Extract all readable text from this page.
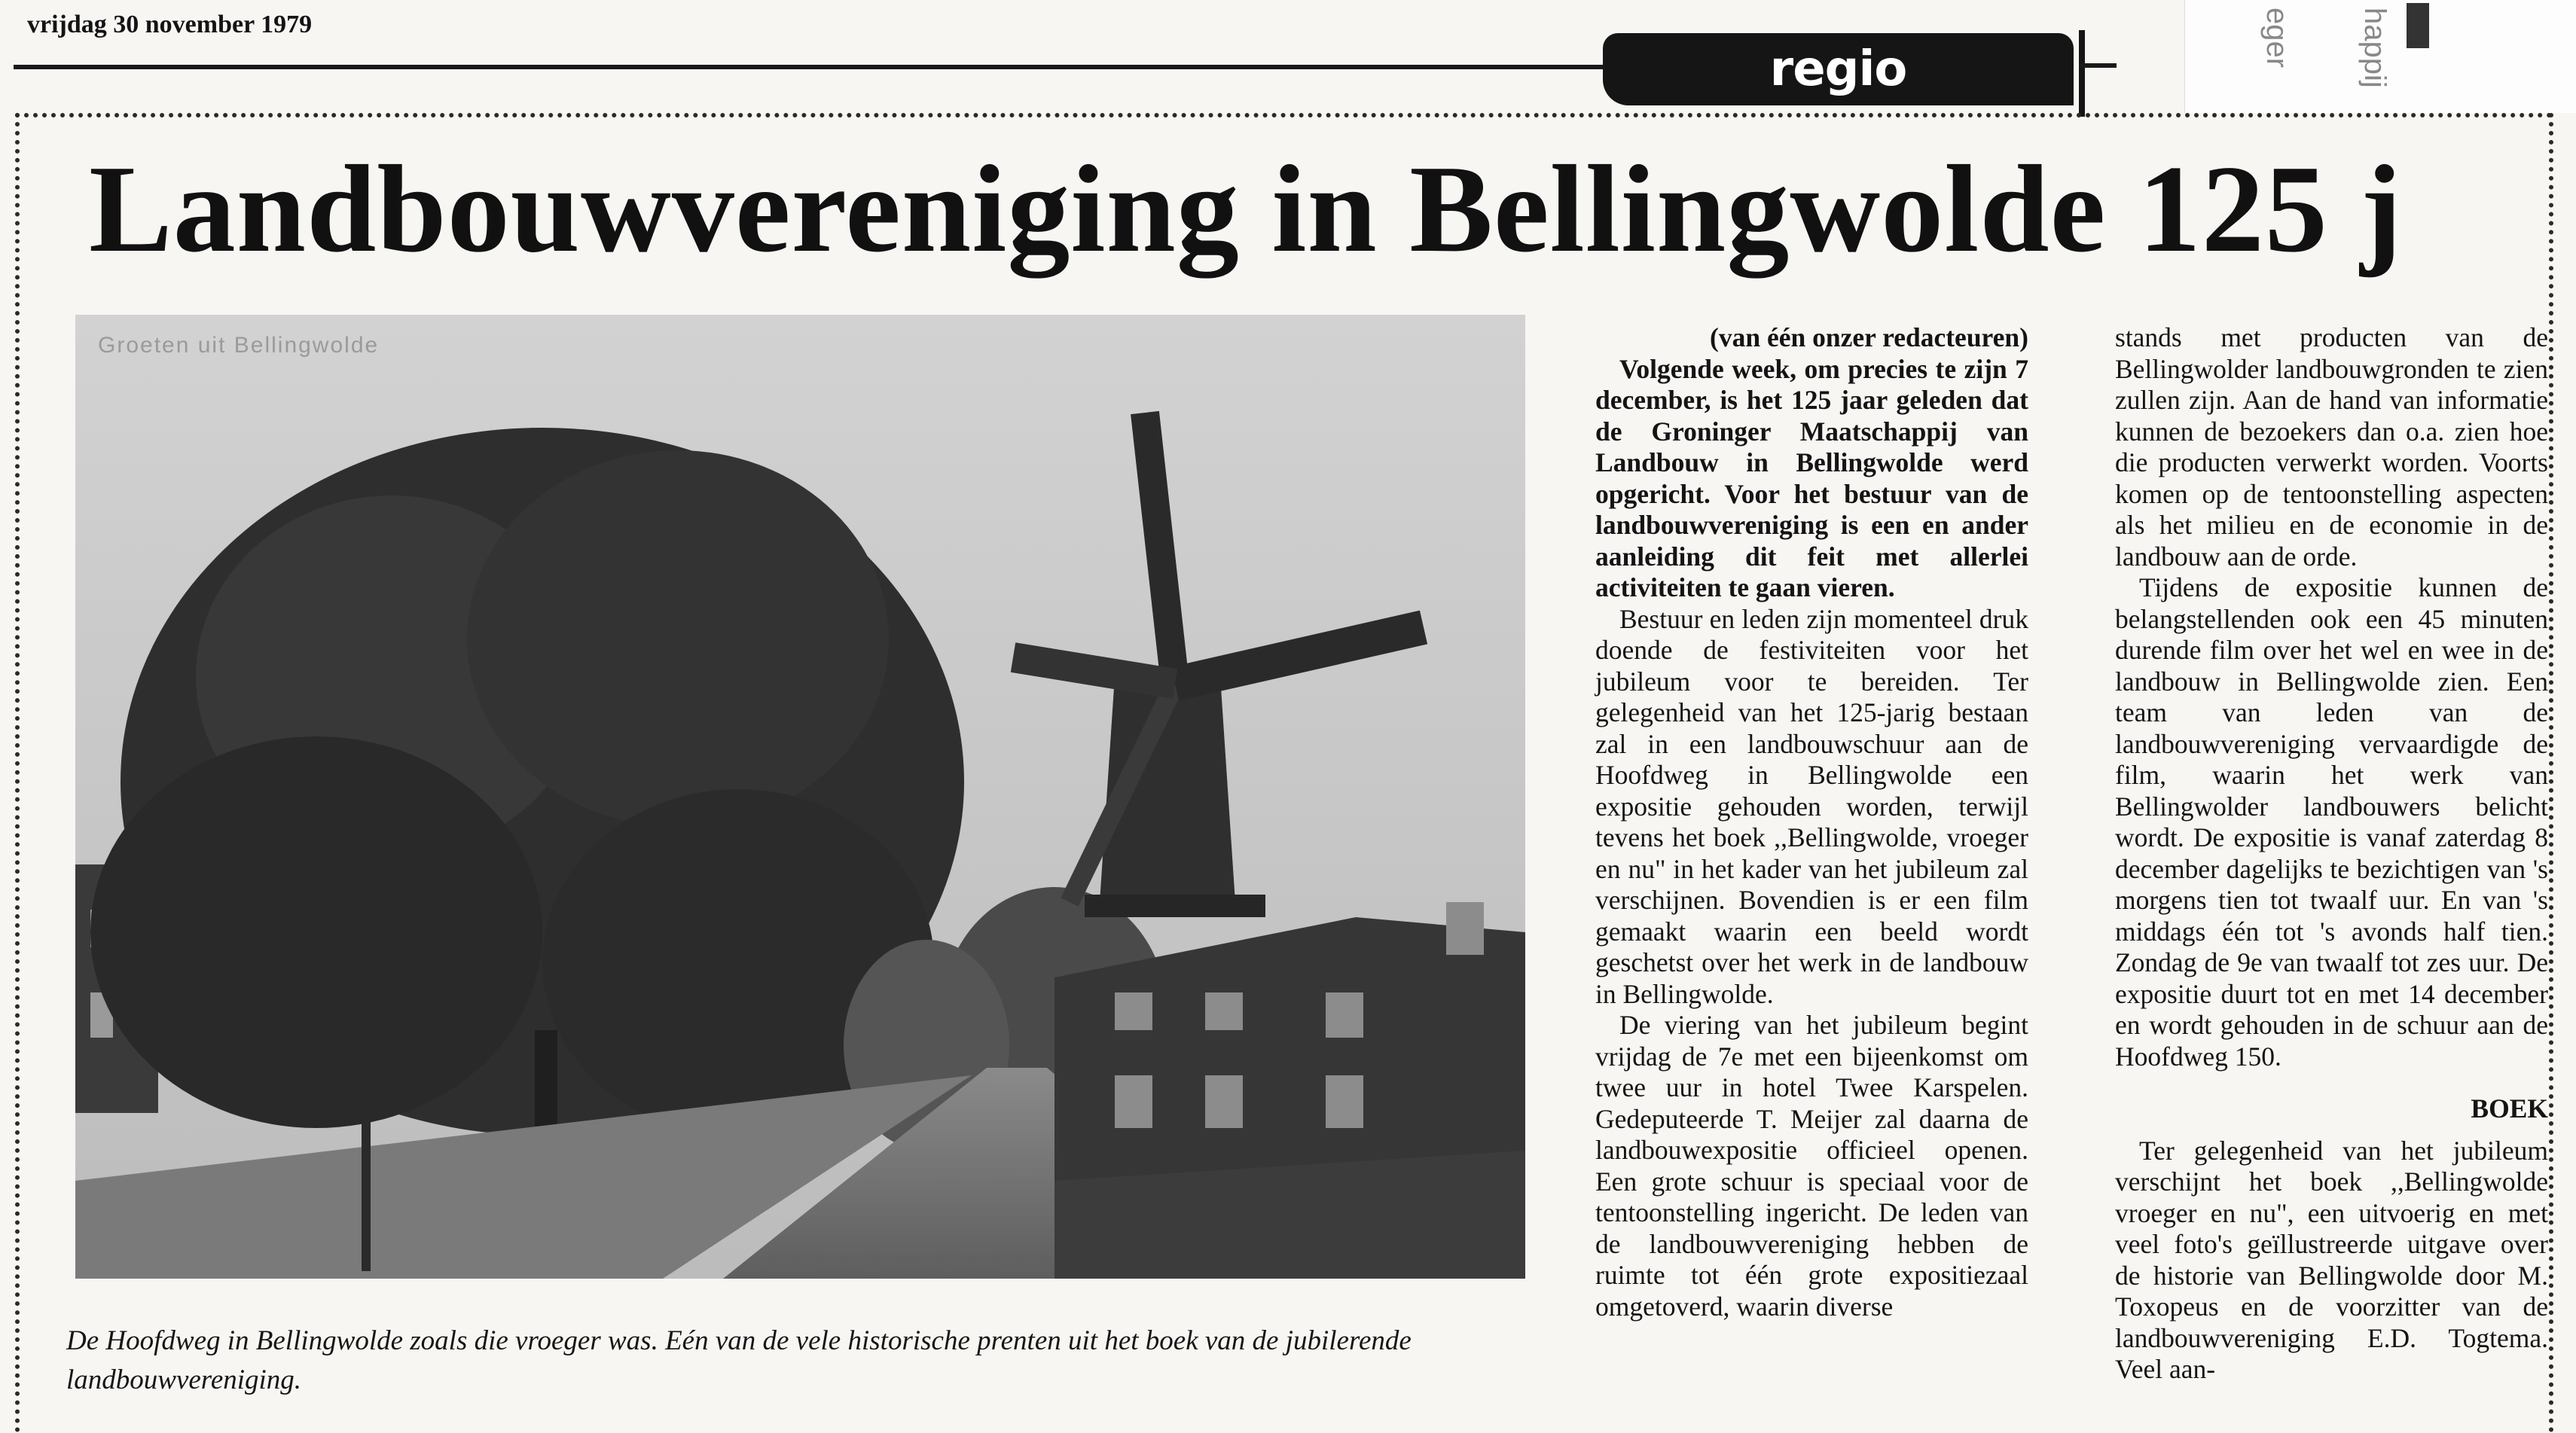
vrijdag 30 november 1979
regio
eger happij
Landbouwvereniging in Bellingwolde 125 j
Groeten uit Bellingwolde
De Hoofdweg in Bellingwolde zoals die vroeger was. Eén van de vele historische prenten uit het boek van de jubilerende landbouwvereniging.

(van één onzer redacteuren)

Volgende week, om precies te zijn 7 december, is het 125 jaar geleden dat de Groninger Maatschappij van Landbouw in Bellingwolde werd opgericht. Voor het bestuur van de landbouwvereniging is een en ander aanleiding dit feit met allerlei activiteiten te gaan vieren.

Bestuur en leden zijn momenteel druk doende de festiviteiten voor het jubileum voor te bereiden. Ter gelegenheid van het 125-jarig bestaan zal in een landbouwschuur aan de Hoofdweg in Bellingwolde een expositie gehouden worden, terwijl tevens het boek ,,Bellingwolde, vroeger en nu" in het kader van het jubileum zal verschijnen. Bovendien is er een film gemaakt waarin een beeld wordt geschetst over het werk in de landbouw in Bellingwolde.

De viering van het jubileum begint vrijdag de 7e met een bijeenkomst om twee uur in hotel Twee Karspelen. Gedeputeerde T. Meijer zal daarna de landbouwexpositie officieel openen. Een grote schuur is speciaal voor de tentoonstelling ingericht. De leden van de landbouwvereniging hebben de ruimte tot één grote expositiezaal omgetoverd, waarin diverse

stands met producten van de Bellingwolder landbouwgronden te zien zullen zijn. Aan de hand van informatie kunnen de bezoekers dan o.a. zien hoe die producten verwerkt worden. Voorts komen op de tentoonstelling aspecten als het milieu en de economie in de landbouw aan de orde.

Tijdens de expositie kunnen de belangstellenden ook een 45 minuten durende film over het wel en wee in de landbouw in Bellingwolde zien. Een team van leden van de landbouwvereniging vervaardigde de film, waarin het werk van Bellingwolder landbouwers belicht wordt. De expositie is vanaf zaterdag 8 december dagelijks te bezichtigen van 's morgens tien tot twaalf uur. En van 's middags één tot 's avonds half tien. Zondag de 9e van twaalf tot zes uur. De expositie duurt tot en met 14 december en wordt gehouden in de schuur aan de Hoofdweg 150.

BOEK

Ter gelegenheid van het jubileum verschijnt het boek ,,Bellingwolde vroeger en nu", een uitvoerig en met veel foto's geïllustreerde uitgave over de historie van Bellingwolde door M. Toxopeus en de voorzitter van de landbouwvereniging E.D. Togtema. Veel aan-
